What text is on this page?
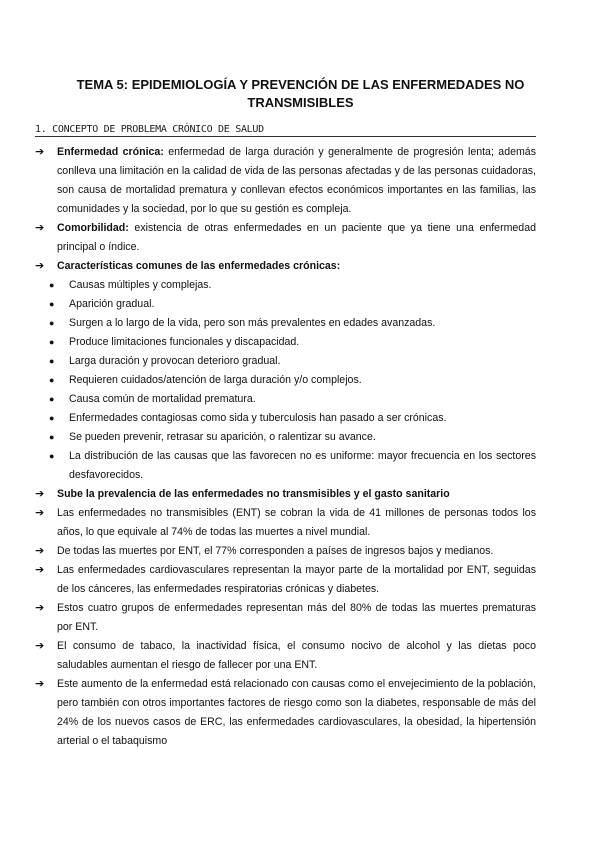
TEMA 5: EPIDEMIOLOGÍA Y PREVENCIÓN DE LAS ENFERMEDADES NO TRANSMISIBLES
1. CONCEPTO DE PROBLEMA CRÓNICO DE SALUD
➔ Enfermedad crónica: enfermedad de larga duración y generalmente de progresión lenta; además conlleva una limitación en la calidad de vida de las personas afectadas y de las personas cuidadoras, son causa de mortalidad prematura y conllevan efectos económicos importantes en las familias, las comunidades y la sociedad, por lo que su gestión es compleja.
➔ Comorbilidad: existencia de otras enfermedades en un paciente que ya tiene una enfermedad principal o índice.
➔ Características comunes de las enfermedades crónicas:
● Causas múltiples y complejas.
● Aparición gradual.
● Surgen a lo largo de la vida, pero son más prevalentes en edades avanzadas.
● Produce limitaciones funcionales y discapacidad.
● Larga duración y provocan deterioro gradual.
● Requieren cuidados/atención de larga duración y/o complejos.
● Causa común de mortalidad prematura.
● Enfermedades contagiosas como sida y tuberculosis han pasado a ser crónicas.
● Se pueden prevenir, retrasar su aparición, o ralentizar su avance.
● La distribución de las causas que las favorecen no es uniforme: mayor frecuencia en los sectores desfavorecidos.
➔ Sube la prevalencia de las enfermedades no transmisibles y el gasto sanitario
➔ Las enfermedades no transmisibles (ENT) se cobran la vida de 41 millones de personas todos los años, lo que equivale al 74% de todas las muertes a nivel mundial.
➔ De todas las muertes por ENT, el 77% corresponden a países de ingresos bajos y medianos.
➔ Las enfermedades cardiovasculares representan la mayor parte de la mortalidad por ENT, seguidas de los cánceres, las enfermedades respiratorias crónicas y diabetes.
➔ Estos cuatro grupos de enfermedades representan más del 80% de todas las muertes prematuras por ENT.
➔ El consumo de tabaco, la inactividad física, el consumo nocivo de alcohol y las dietas poco saludables aumentan el riesgo de fallecer por una ENT.
➔ Este aumento de la enfermedad está relacionado con causas como el envejecimiento de la población, pero también con otros importantes factores de riesgo como son la diabetes, responsable de más del 24% de los nuevos casos de ERC, las enfermedades cardiovasculares, la obesidad, la hipertensión arterial o el tabaquismo
